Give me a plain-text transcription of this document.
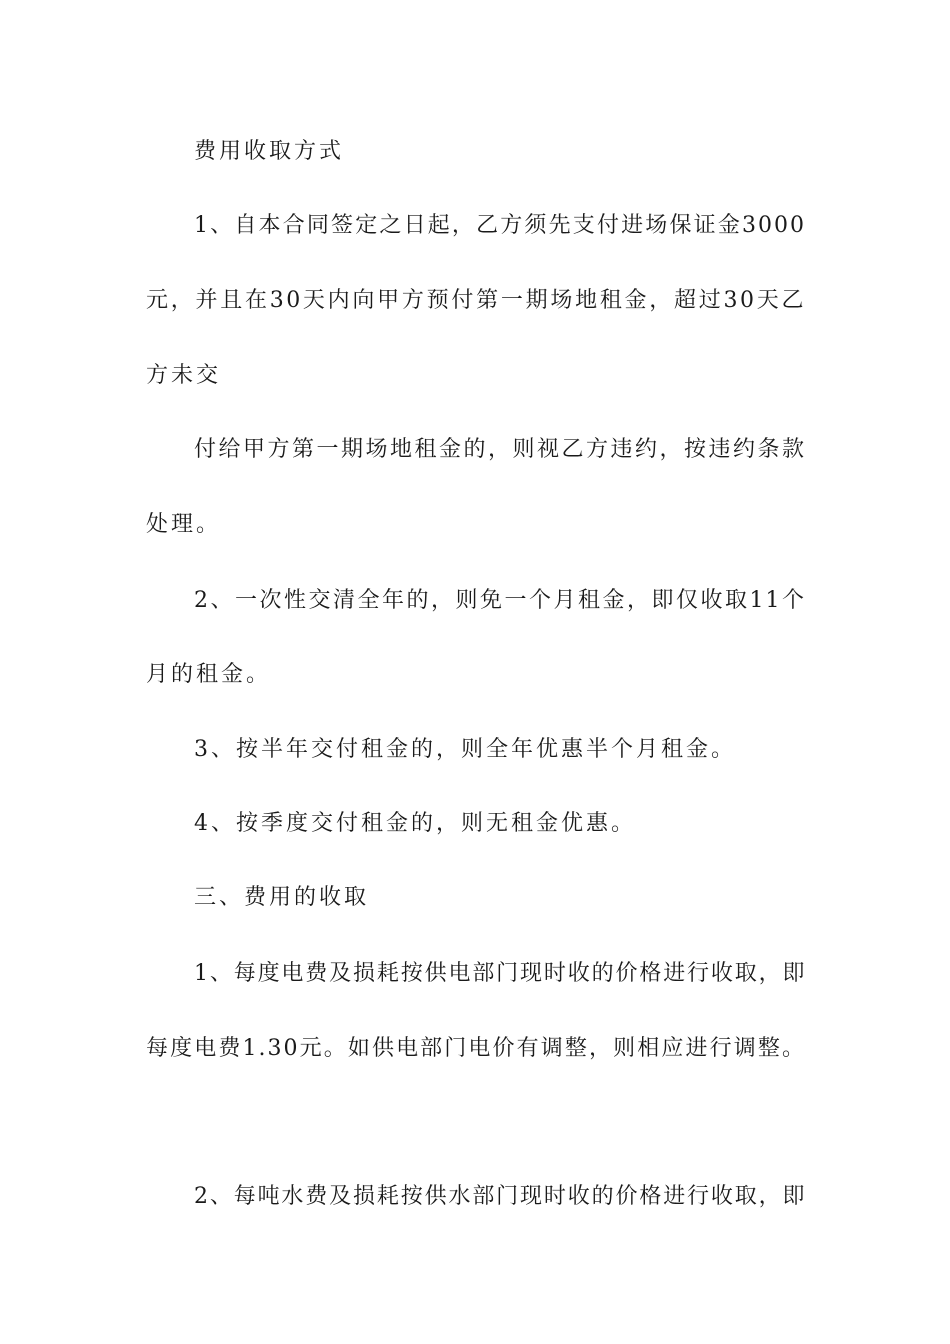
费用收取方式
1、自本合同签定之日起，乙方须先支付进场保证金3000
元，并且在30天内向甲方预付第一期场地租金，超过30天乙
方未交
付给甲方第一期场地租金的，则视乙方违约，按违约条款
处理。
2、一次性交清全年的，则免一个月租金，即仅收取11个
月的租金。
3、按半年交付租金的，则全年优惠半个月租金。
4、按季度交付租金的，则无租金优惠。
三、费用的收取
1、每度电费及损耗按供电部门现时收的价格进行收取，即
每度电费1.30元。如供电部门电价有调整，则相应进行调整。
2、每吨水费及损耗按供水部门现时收的价格进行收取，即
